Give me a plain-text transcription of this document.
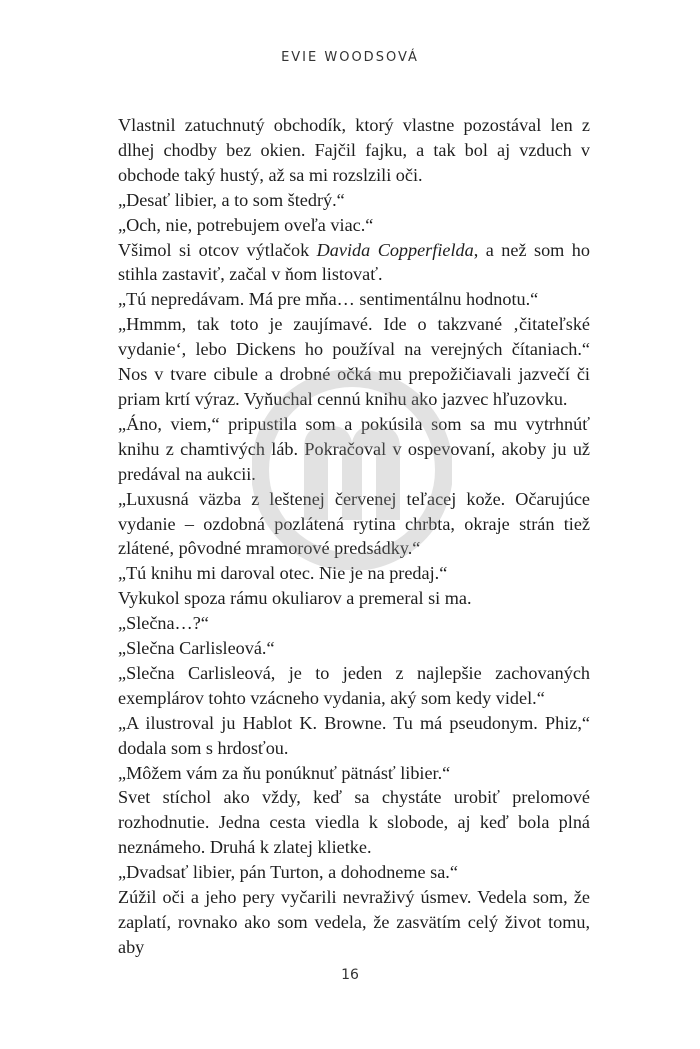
EVIE WOODSOVÁ

Vlastnil zatuchnutý obchodík, ktorý vlastne pozostával len z dlhej chodby bez okien. Fajčil fajku, a tak bol aj vzduch v obchode taký hustý, až sa mi rozslzili oči.

„Desať libier, a to som štedrý.“

„Och, nie, potrebujem oveľa viac.“

Všimol si otcov výtlačok Davida Copperfielda, a než som ho stihla zastaviť, začal v ňom listovať.

„Tú nepredávam. Má pre mňa… sentimentálnu hodnotu.“

„Hmmm, tak toto je zaujímavé. Ide o takzvané ‚čitateľské vydanie‘, lebo Dickens ho používal na verejných čítaniach.“ Nos v tvare cibule a drobné očká mu prepožičiavali jazvečí či priam krtí výraz. Vyňuchal cennú knihu ako jazvec hľuzovku.

„Áno, viem,“ pripustila som a pokúsila som sa mu vytrhnúť knihu z chamtivých láb. Pokračoval v ospevovaní, akoby ju už predával na aukcii.

„Luxusná väzba z leštenej červenej teľacej kože. Očarujúce vydanie – ozdobná pozlátená rytina chrbta, okraje strán tiež zlátené, pôvodné mramorové predsádky.“

„Tú knihu mi daroval otec. Nie je na predaj.“

Vykukol spoza rámu okuliarov a premeral si ma.

„Slečna…?“

„Slečna Carlisleová.“

„Slečna Carlisleová, je to jeden z najlepšie zachovaných exemplárov tohto vzácneho vydania, aký som kedy videl.“

„A ilustroval ju Hablot K. Browne. Tu má pseudonym. Phiz,“ dodala som s hrdosťou.

„Môžem vám za ňu ponúknuť pätnásť libier.“

Svet stíchol ako vždy, keď sa chystáte urobiť prelomové rozhodnutie. Jedna cesta viedla k slobode, aj keď bola plná neznámeho. Druhá k zlatej klietke.

„Dvadsať libier, pán Turton, a dohodneme sa.“

Zúžil oči a jeho pery vyčarili nevraživý úsmev. Vedela som, že zaplatí, rovnako ako som vedela, že zasvätím celý život tomu, aby

16
